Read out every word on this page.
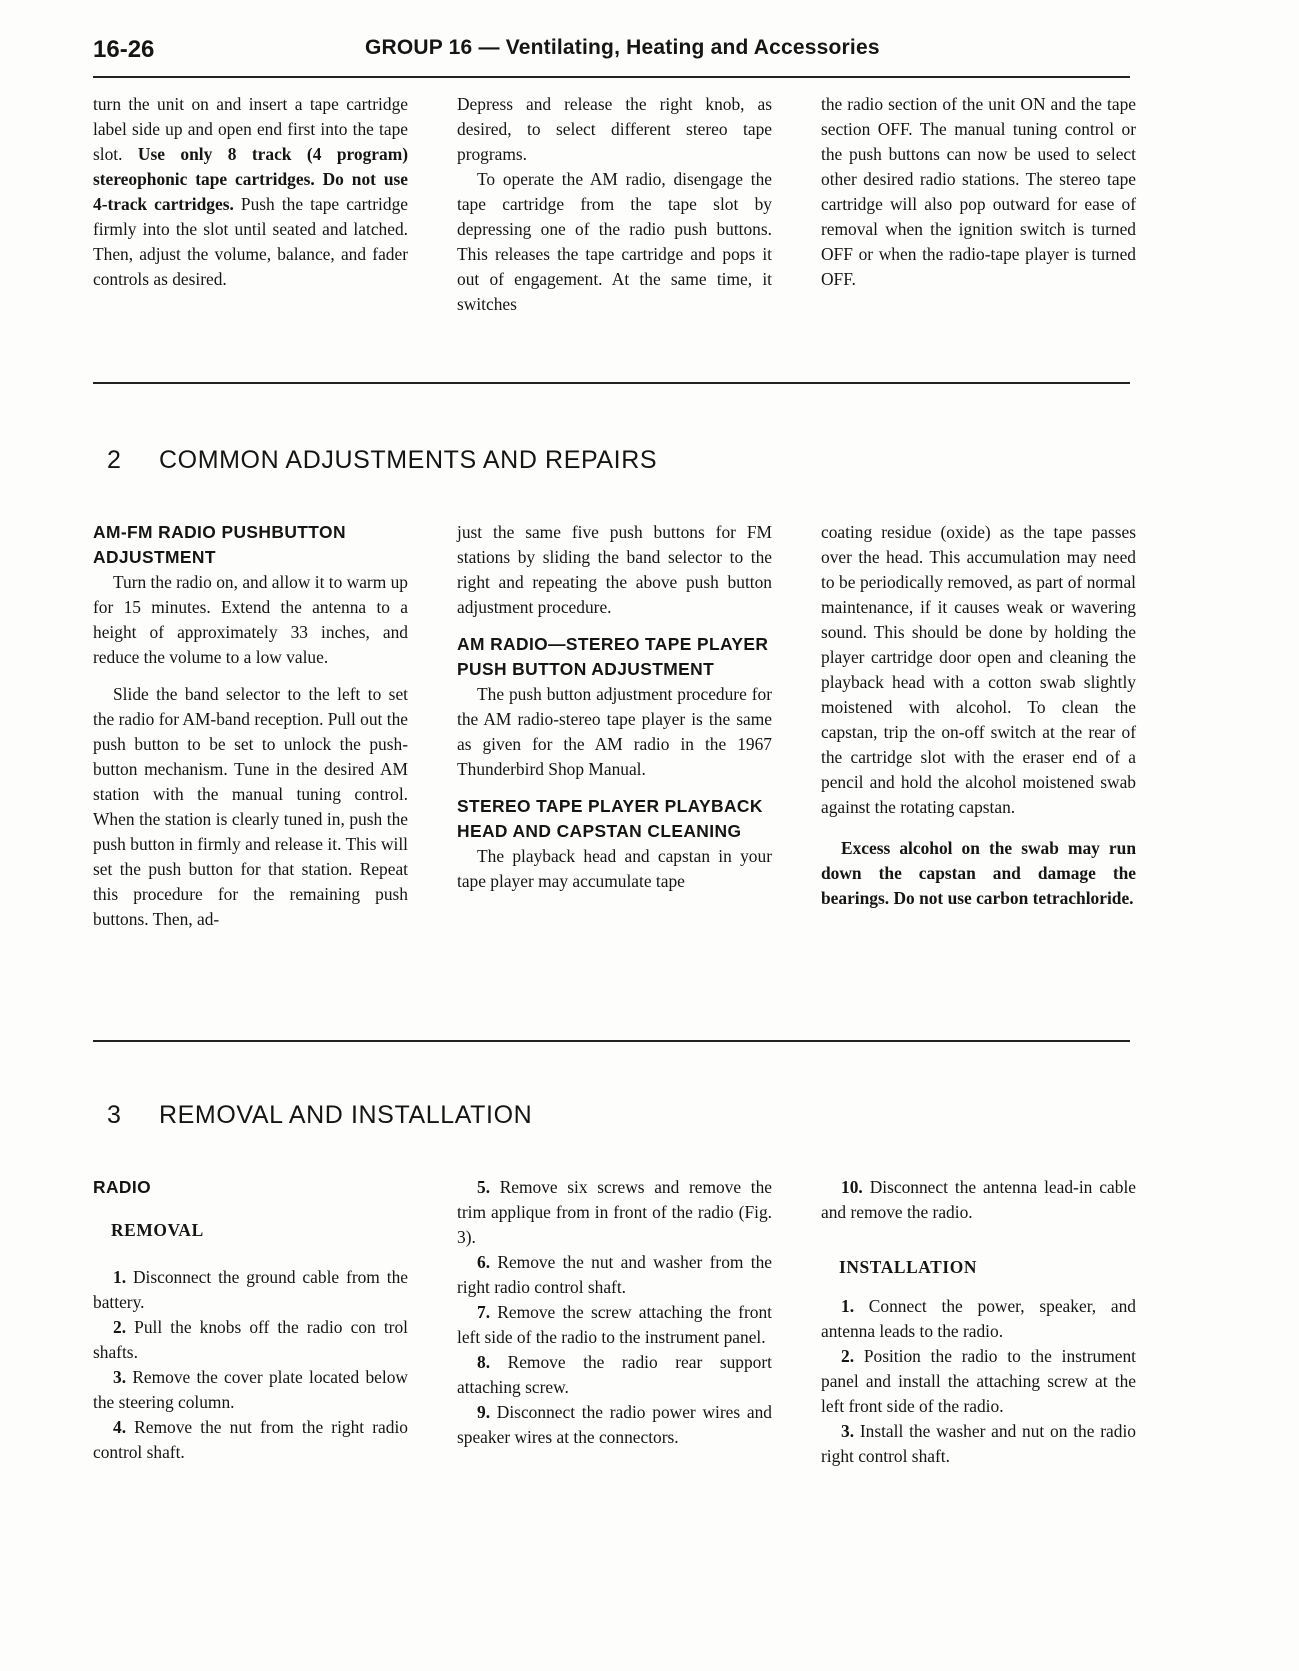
16-26	GROUP 16 — Ventilating, Heating and Accessories

turn the unit on and insert a tape cartridge label side up and open end first into the tape slot. Use only 8 track (4 program) stereophonic tape cartridges. Do not use 4-track cartridges. Push the tape cartridge firmly into the slot until seated and latched. Then, adjust the volume, balance, and fader controls as desired.

Depress and release the right knob, as desired, to select different stereo tape programs.

To operate the AM radio, disengage the tape cartridge from the tape slot by depressing one of the radio push buttons. This releases the tape cartridge and pops it out of engagement. At the same time, it switches

the radio section of the unit ON and the tape section OFF. The manual tuning control or the push buttons can now be used to select other desired radio stations. The stereo tape cartridge will also pop outward for ease of removal when the ignition switch is turned OFF or when the radio-tape player is turned OFF.

2 COMMON ADJUSTMENTS AND REPAIRS

AM-FM RADIO PUSHBUTTON ADJUSTMENT

Turn the radio on, and allow it to warm up for 15 minutes. Extend the antenna to a height of approximately 33 inches, and reduce the volume to a low value.

Slide the band selector to the left to set the radio for AM-band reception. Pull out the push button to be set to unlock the push-button mechanism. Tune in the desired AM station with the manual tuning control. When the station is clearly tuned in, push the push button in firmly and release it. This will set the push button for that station. Repeat this procedure for the remaining push buttons. Then, ad-

just the same five push buttons for FM stations by sliding the band selector to the right and repeating the above push button adjustment procedure.

AM RADIO—STEREO TAPE PLAYER PUSH BUTTON ADJUSTMENT

The push button adjustment procedure for the AM radio-stereo tape player is the same as given for the AM radio in the 1967 Thunderbird Shop Manual.

STEREO TAPE PLAYER PLAYBACK HEAD AND CAPSTAN CLEANING

The playback head and capstan in your tape player may accumulate tape

coating residue (oxide) as the tape passes over the head. This accumulation may need to be periodically removed, as part of normal maintenance, if it causes weak or wavering sound. This should be done by holding the player cartridge door open and cleaning the playback head with a cotton swab slightly moistened with alcohol. To clean the capstan, trip the on-off switch at the rear of the cartridge slot with the eraser end of a pencil and hold the alcohol moistened swab against the rotating capstan.

Excess alcohol on the swab may run down the capstan and damage the bearings. Do not use carbon tetrachloride.

3 REMOVAL AND INSTALLATION

RADIO

REMOVAL

1. Disconnect the ground cable from the battery.

2. Pull the knobs off the radio con trol shafts.

3. Remove the cover plate located below the steering column.

4. Remove the nut from the right radio control shaft.

5. Remove six screws and remove the trim applique from in front of the radio (Fig. 3).

6. Remove the nut and washer from the right radio control shaft.

7. Remove the screw attaching the front left side of the radio to the instrument panel.

8. Remove the radio rear support attaching screw.

9. Disconnect the radio power wires and speaker wires at the connectors.

10. Disconnect the antenna lead-in cable and remove the radio.

INSTALLATION

1. Connect the power, speaker, and antenna leads to the radio.

2. Position the radio to the instrument panel and install the attaching screw at the left front side of the radio.

3. Install the washer and nut on the radio right control shaft.
